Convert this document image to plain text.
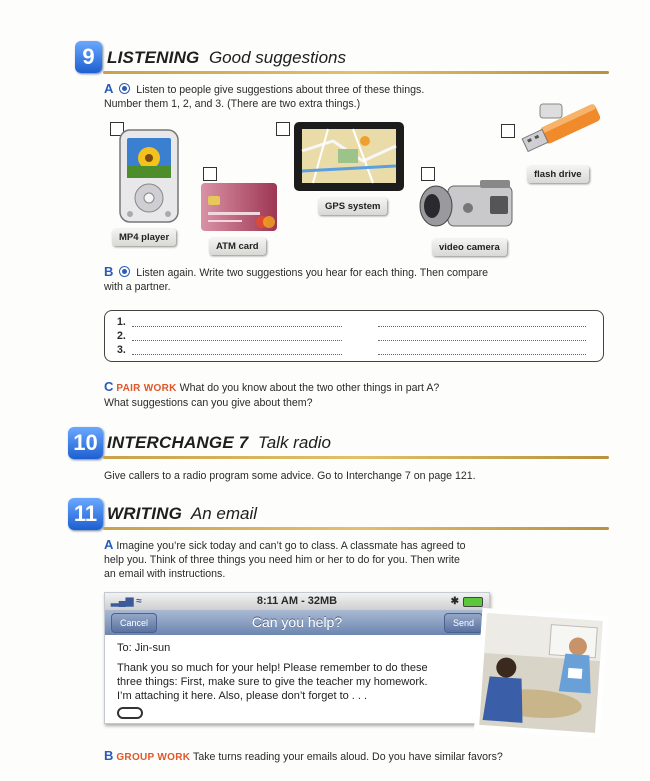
9 LISTENING Good suggestions
A Listen to people give suggestions about three of these things.
Number them 1, 2, and 3. (There are two extra things.)
MP4 player
ATM card
GPS system
video camera
flash drive
B Listen again. Write two suggestions you hear for each thing. Then compare
with a partner.
1.
2.
3.
C PAIR WORK What do you know about the two other things in part A?
What suggestions can you give about them?
10 INTERCHANGE 7 Talk radio
Give callers to a radio program some advice. Go to Interchange 7 on page 121.
11 WRITING An email
A Imagine you’re sick today and can’t go to class. A classmate has agreed to
help you. Think of three things you need him or her to do for you. Then write
an email with instructions.
▂▄▆ ≈	8:11 AM - 32MB	✱
Can you help?
Cancel	Send
To: Jin-sun
Thank you so much for your help! Please remember to do these
three things: First, make sure to give the teacher my homework.
I’m attaching it here. Also, please don’t forget to . . .
B GROUP WORK Take turns reading your emails aloud. Do you have similar favors?
